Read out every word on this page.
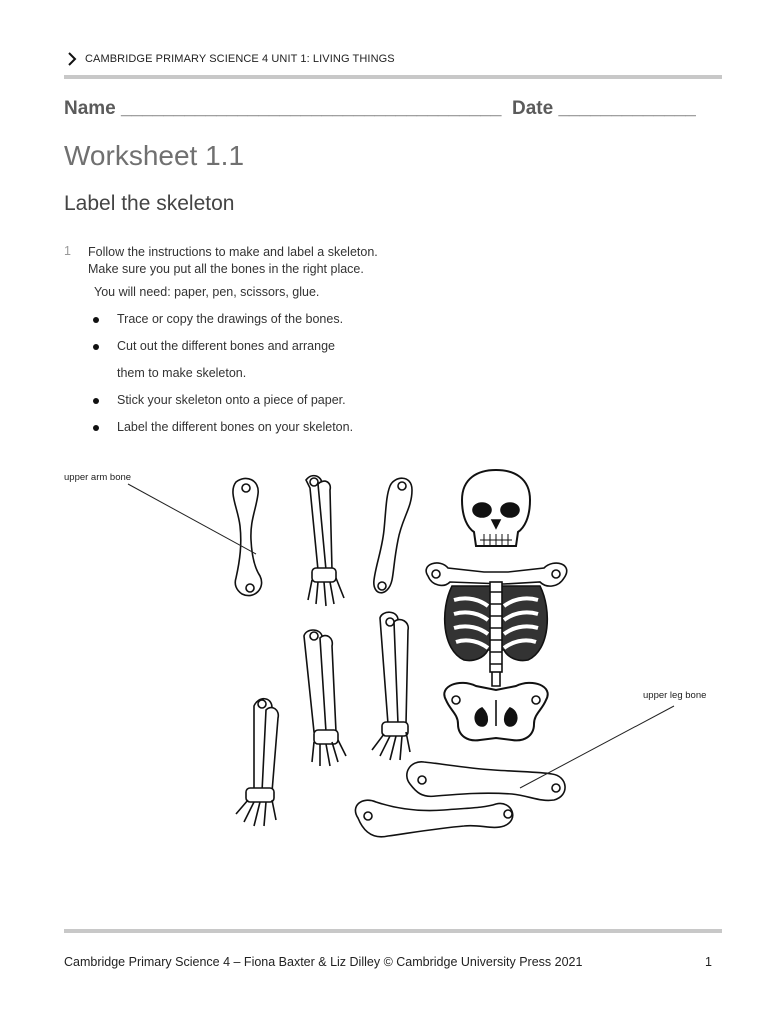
CAMBRIDGE PRIMARY SCIENCE 4 UNIT 1: LIVING THINGS
Name ____________________________________ Date _____________
Worksheet 1.1
Label the skeleton
1 Follow the instructions to make and label a skeleton.
Make sure you put all the bones in the right place.
You will need: paper, pen, scissors, glue.
Trace or copy the drawings of the bones.
Cut out the different bones and arrange
them to make skeleton.
Stick your skeleton onto a piece of paper.
Label the different bones on your skeleton.
upper arm bone
upper leg bone
Cambridge Primary Science 4 – Fiona Baxter & Liz Dilley © Cambridge University Press 2021	1
